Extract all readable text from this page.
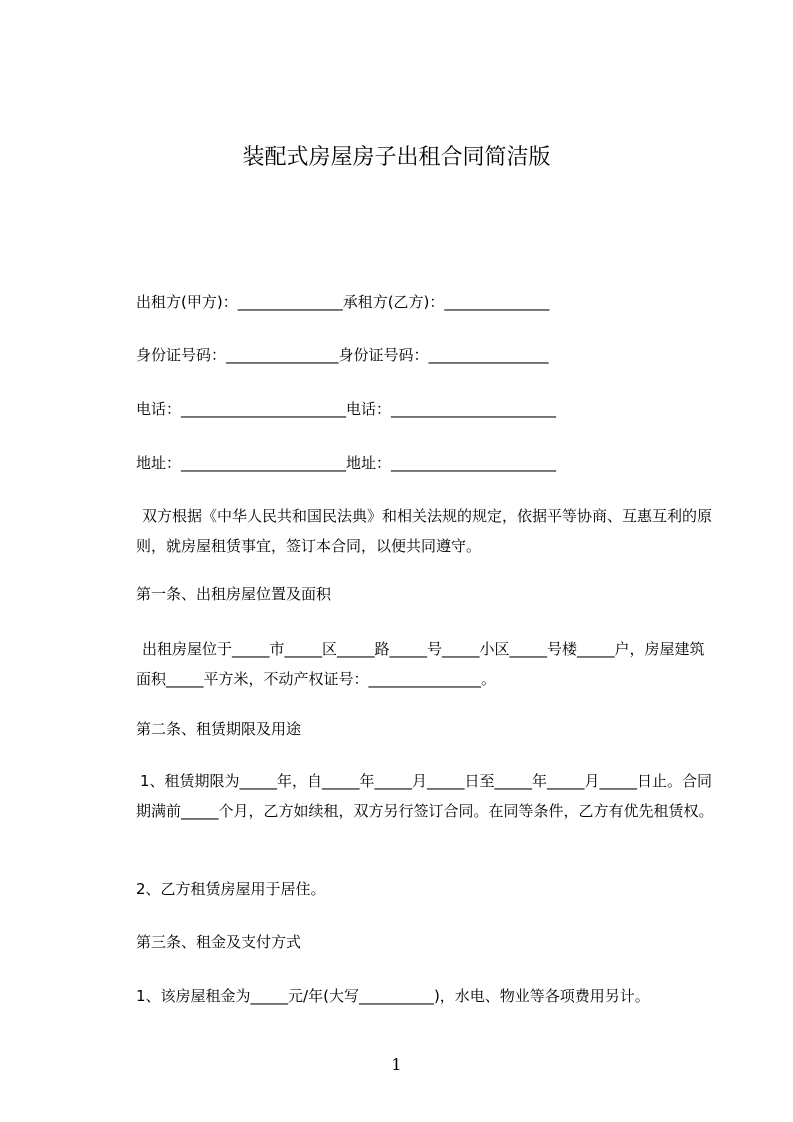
装配式房屋房子出租合同简洁版

出租方(甲方)：______________承租方(乙方)：______________

身份证号码：_______________身份证号码：________________

电话：______________________电话：______________________

地址：______________________地址：______________________

双方根据《中华人民共和国民法典》和相关法规的规定，依据平等协商、互惠互利的原则，就房屋租赁事宜，签订本合同，以便共同遵守。

第一条、出租房屋位置及面积

出租房屋位于_____市_____区_____路_____号_____小区_____号楼_____户，房屋建筑面积_____平方米，不动产权证号：_______________。

第二条、租赁期限及用途

1、租赁期限为_____年，自_____年_____月_____日至_____年_____月_____日止。合同期满前_____个月，乙方如续租，双方另行签订合同。在同等条件，乙方有优先租赁权。

2、乙方租赁房屋用于居住。

第三条、租金及支付方式

1、该房屋租金为_____元/年(大写__________)，水电、物业等各项费用另计。

1
